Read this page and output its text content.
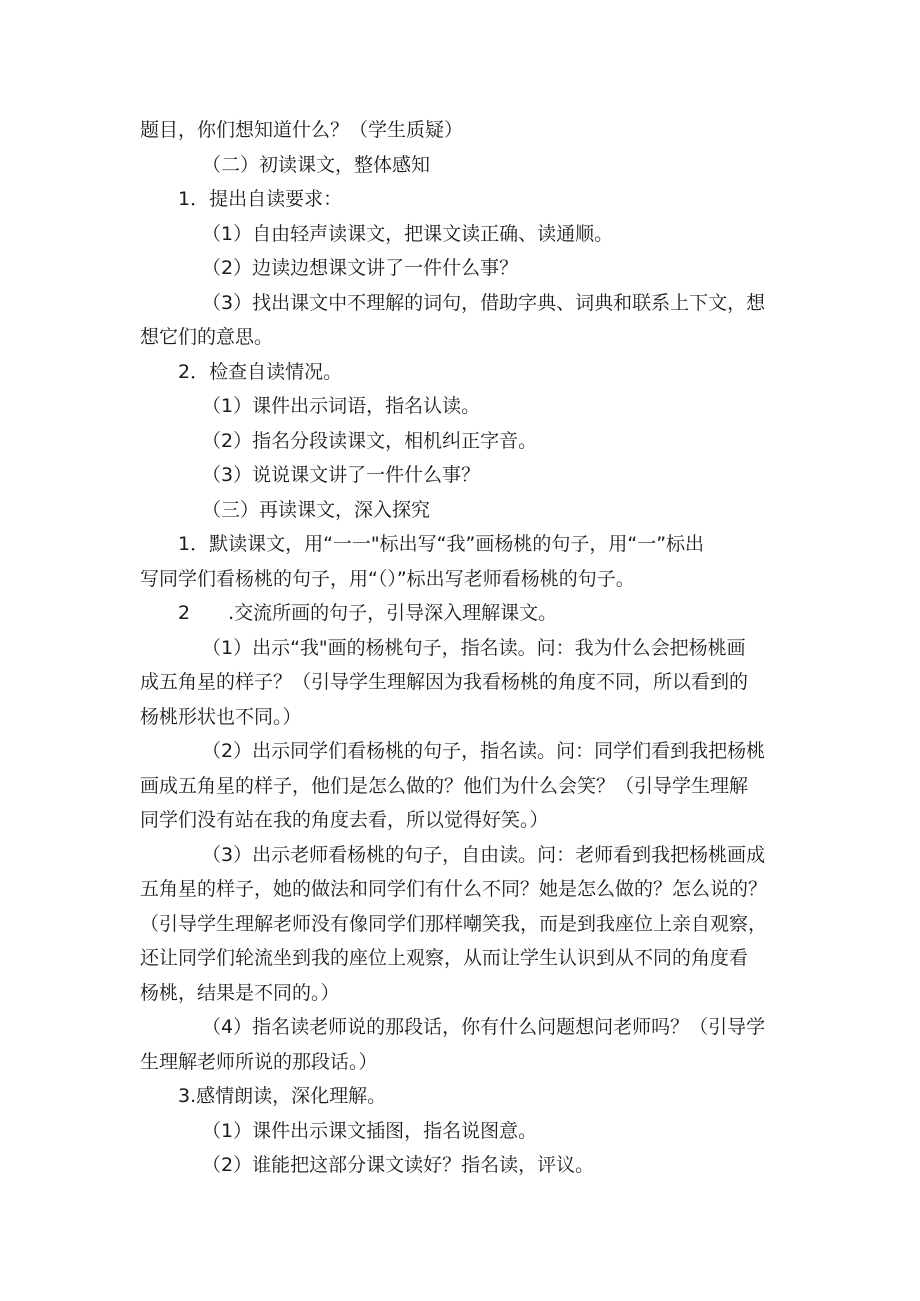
题目，你们想知道什么？（学生质疑）
（二）初读课文，整体感知
1．提出自读要求：
（1）自由轻声读课文，把课文读正确、读通顺。
（2）边读边想课文讲了一件什么事？
（3）找出课文中不理解的词句，借助字典、词典和联系上下文，想
想它们的意思。
2．检查自读情况。
（1）课件出示词语，指名认读。
（2）指名分段读课文，相机纠正字音。
（3）说说课文讲了一件什么事？
（三）再读课文，深入探究
1．默读课文，用“一一"标出写“我”画杨桃的句子，用“一”标出
写同学们看杨桃的句子，用“（）”标出写老师看杨桃的句子。
2　　.交流所画的句子，引导深入理解课文。
（1）出示“我"画的杨桃句子，指名读。问：我为什么会把杨桃画
成五角星的样子？（引导学生理解因为我看杨桃的角度不同，所以看到的
杨桃形状也不同。）
（2）出示同学们看杨桃的句子，指名读。问：同学们看到我把杨桃
画成五角星的样子，他们是怎么做的？他们为什么会笑？（引导学生理解
同学们没有站在我的角度去看，所以觉得好笑。）
（3）出示老师看杨桃的句子，自由读。问：老师看到我把杨桃画成
五角星的样子，她的做法和同学们有什么不同？她是怎么做的？怎么说的？
（引导学生理解老师没有像同学们那样嘲笑我，而是到我座位上亲自观察，
还让同学们轮流坐到我的座位上观察，从而让学生认识到从不同的角度看
杨桃，结果是不同的。）
（4）指名读老师说的那段话，你有什么问题想问老师吗？（引导学
生理解老师所说的那段话。）
3.感情朗读，深化理解。
（1）课件出示课文插图，指名说图意。
（2）谁能把这部分课文读好？指名读，评议。
